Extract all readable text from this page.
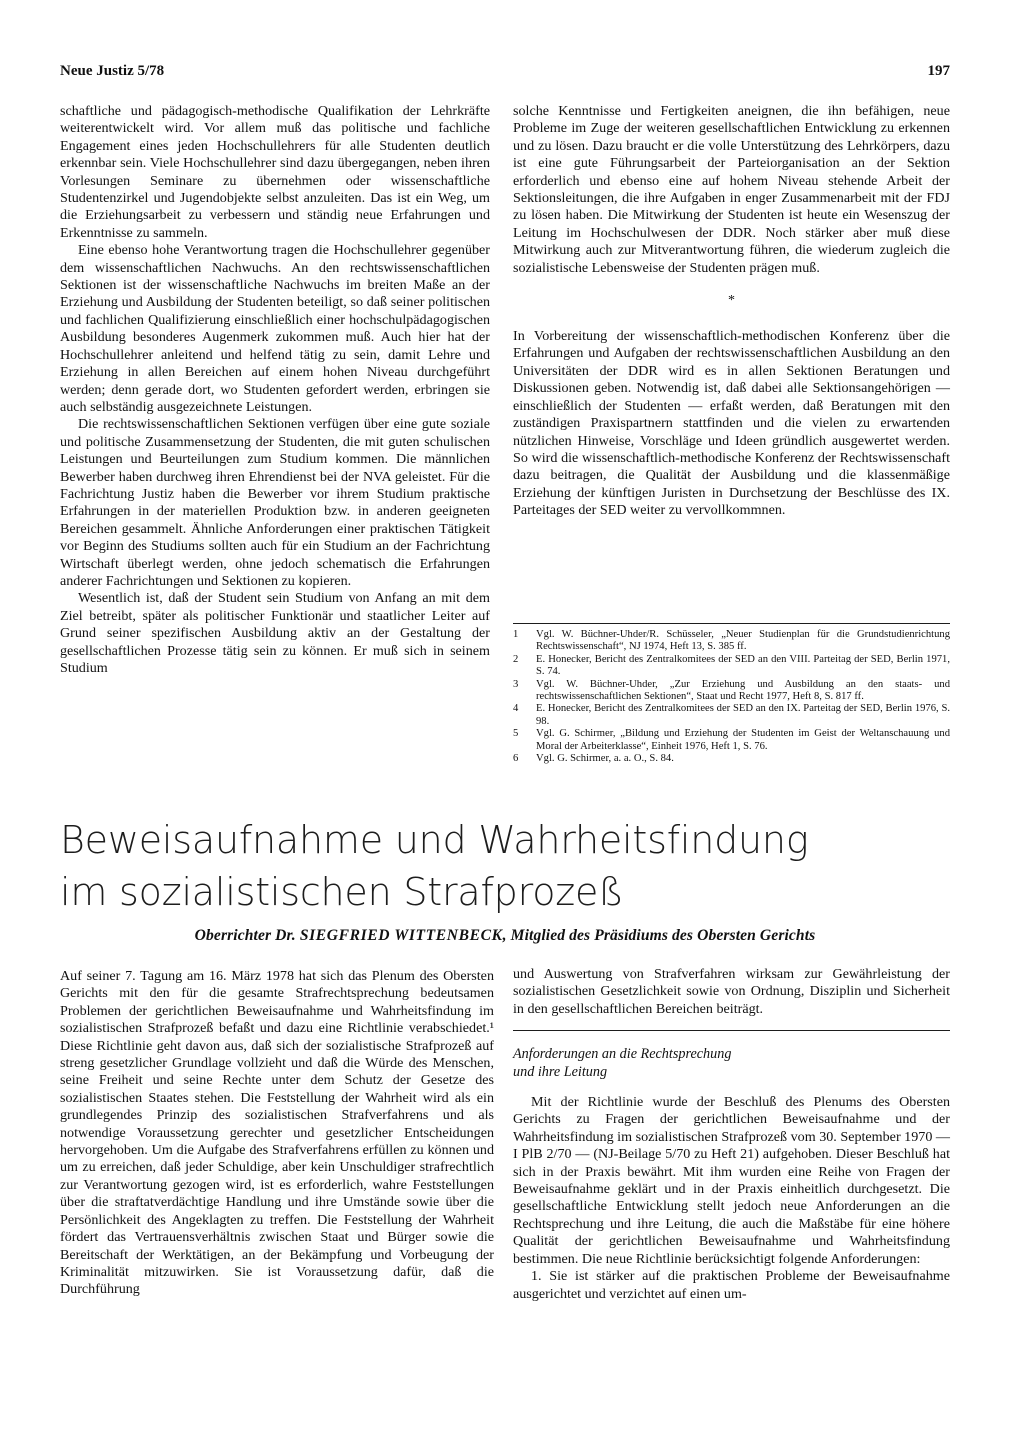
Neue Justiz 5/78	197

schaftliche und pädagogisch-methodische Qualifikation der Lehrkräfte weiterentwickelt wird. Vor allem muß das politische und fachliche Engagement eines jeden Hochschullehrers für alle Studenten deutlich erkennbar sein. Viele Hochschullehrer sind dazu übergegangen, neben ihren Vorlesungen Seminare zu übernehmen oder wissenschaftliche Studentenzirkel und Jugendobjekte selbst anzuleiten. Das ist ein Weg, um die Erziehungsarbeit zu verbessern und ständig neue Erfahrungen und Erkenntnisse zu sammeln.

Eine ebenso hohe Verantwortung tragen die Hochschullehrer gegenüber dem wissenschaftlichen Nachwuchs. An den rechtswissenschaftlichen Sektionen ist der wissenschaftliche Nachwuchs im breiten Maße an der Erziehung und Ausbildung der Studenten beteiligt, so daß seiner politischen und fachlichen Qualifizierung einschließlich einer hochschulpädagogischen Ausbildung besonderes Augenmerk zukommen muß. Auch hier hat der Hochschullehrer anleitend und helfend tätig zu sein, damit Lehre und Erziehung in allen Bereichen auf einem hohen Niveau durchgeführt werden; denn gerade dort, wo Studenten gefordert werden, erbringen sie auch selbständig ausgezeichnete Leistungen.

Die rechtswissenschaftlichen Sektionen verfügen über eine gute soziale und politische Zusammensetzung der Studenten, die mit guten schulischen Leistungen und Beurteilungen zum Studium kommen. Die männlichen Bewerber haben durchweg ihren Ehrendienst bei der NVA geleistet. Für die Fachrichtung Justiz haben die Bewerber vor ihrem Studium praktische Erfahrungen in der materiellen Produktion bzw. in anderen geeigneten Bereichen gesammelt. Ähnliche Anforderungen einer praktischen Tätigkeit vor Beginn des Studiums sollten auch für ein Studium an der Fachrichtung Wirtschaft überlegt werden, ohne jedoch schematisch die Erfahrungen anderer Fachrichtungen und Sektionen zu kopieren.

Wesentlich ist, daß der Student sein Studium von Anfang an mit dem Ziel betreibt, später als politischer Funktionär und staatlicher Leiter auf Grund seiner spezifischen Ausbildung aktiv an der Gestaltung der gesellschaftlichen Prozesse tätig sein zu können. Er muß sich in seinem Studium

solche Kenntnisse und Fertigkeiten aneignen, die ihn befähigen, neue Probleme im Zuge der weiteren gesellschaftlichen Entwicklung zu erkennen und zu lösen. Dazu braucht er die volle Unterstützung des Lehrkörpers, dazu ist eine gute Führungsarbeit der Parteiorganisation an der Sektion erforderlich und ebenso eine auf hohem Niveau stehende Arbeit der Sektionsleitungen, die ihre Aufgaben in enger Zusammenarbeit mit der FDJ zu lösen haben. Die Mitwirkung der Studenten ist heute ein Wesenszug der Leitung im Hochschulwesen der DDR. Noch stärker aber muß diese Mitwirkung auch zur Mitverantwortung führen, die wiederum zugleich die sozialistische Lebensweise der Studenten prägen muß.

*

In Vorbereitung der wissenschaftlich-methodischen Konferenz über die Erfahrungen und Aufgaben der rechtswissenschaftlichen Ausbildung an den Universitäten der DDR wird es in allen Sektionen Beratungen und Diskussionen geben. Notwendig ist, daß dabei alle Sektionsangehörigen — einschließlich der Studenten — erfaßt werden, daß Beratungen mit den zuständigen Praxispartnern stattfinden und die vielen zu erwartenden nützlichen Hinweise, Vorschläge und Ideen gründlich ausgewertet werden. So wird die wissenschaftlich-methodische Konferenz der Rechtswissenschaft dazu beitragen, die Qualität der Ausbildung und die klassenmäßige Erziehung der künftigen Juristen in Durchsetzung der Beschlüsse des IX. Parteitages der SED weiter zu vervollkommnen.

1	Vgl. W. Büchner-Uhder/R. Schüsseler, „Neuer Studienplan für die Grundstudienrichtung Rechtswissenschaft“, NJ 1974, Heft 13, S. 385 ff.
2	E. Honecker, Bericht des Zentralkomitees der SED an den VIII. Parteitag der SED, Berlin 1971, S. 74.
3	Vgl. W. Büchner-Uhder, „Zur Erziehung und Ausbildung an den staats- und rechtswissenschaftlichen Sektionen“, Staat und Recht 1977, Heft 8, S. 817 ff.
4	E. Honecker, Bericht des Zentralkomitees der SED an den IX. Parteitag der SED, Berlin 1976, S. 98.
5	Vgl. G. Schirmer, „Bildung und Erziehung der Studenten im Geist der Weltanschauung und Moral der Arbeiterklasse“, Einheit 1976, Heft 1, S. 76.
6	Vgl. G. Schirmer, a. a. O., S. 84.
Beweisaufnahme und Wahrheitsfindung
im sozialistischen Strafprozeß
Oberrichter Dr. SIEGFRIED WITTENBECK, Mitglied des Präsidiums des Obersten Gerichts

Auf seiner 7. Tagung am 16. März 1978 hat sich das Plenum des Obersten Gerichts mit den für die gesamte Strafrechtsprechung bedeutsamen Problemen der gerichtlichen Beweisaufnahme und Wahrheitsfindung im sozialistischen Strafprozeß befaßt und dazu eine Richtlinie verabschiedet.¹ Diese Richtlinie geht davon aus, daß sich der sozialistische Strafprozeß auf streng gesetzlicher Grundlage vollzieht und daß die Würde des Menschen, seine Freiheit und seine Rechte unter dem Schutz der Gesetze des sozialistischen Staates stehen. Die Feststellung der Wahrheit wird als ein grundlegendes Prinzip des sozialistischen Strafverfahrens und als notwendige Voraussetzung gerechter und gesetzlicher Entscheidungen hervorgehoben. Um die Aufgabe des Strafverfahrens erfüllen zu können und um zu erreichen, daß jeder Schuldige, aber kein Unschuldiger strafrechtlich zur Verantwortung gezogen wird, ist es erforderlich, wahre Feststellungen über die straftatverdächtige Handlung und ihre Umstände sowie über die Persönlichkeit des Angeklagten zu treffen. Die Feststellung der Wahrheit fördert das Vertrauensverhältnis zwischen Staat und Bürger sowie die Bereitschaft der Werktätigen, an der Bekämpfung und Vorbeugung der Kriminalität mitzuwirken. Sie ist Voraussetzung dafür, daß die Durchführung

und Auswertung von Strafverfahren wirksam zur Gewährleistung der sozialistischen Gesetzlichkeit sowie von Ordnung, Disziplin und Sicherheit in den gesellschaftlichen Bereichen beiträgt.

Anforderungen an die Rechtsprechung
und ihre Leitung

Mit der Richtlinie wurde der Beschluß des Plenums des Obersten Gerichts zu Fragen der gerichtlichen Beweisaufnahme und der Wahrheitsfindung im sozialistischen Strafprozeß vom 30. September 1970 — I PlB 2/70 — (NJ-Beilage 5/70 zu Heft 21) aufgehoben. Dieser Beschluß hat sich in der Praxis bewährt. Mit ihm wurden eine Reihe von Fragen der Beweisaufnahme geklärt und in der Praxis einheitlich durchgesetzt. Die gesellschaftliche Entwicklung stellt jedoch neue Anforderungen an die Rechtsprechung und ihre Leitung, die auch die Maßstäbe für eine höhere Qualität der gerichtlichen Beweisaufnahme und Wahrheitsfindung bestimmen. Die neue Richtlinie berücksichtigt folgende Anforderungen:

1. Sie ist stärker auf die praktischen Probleme der Beweisaufnahme ausgerichtet und verzichtet auf einen um-
